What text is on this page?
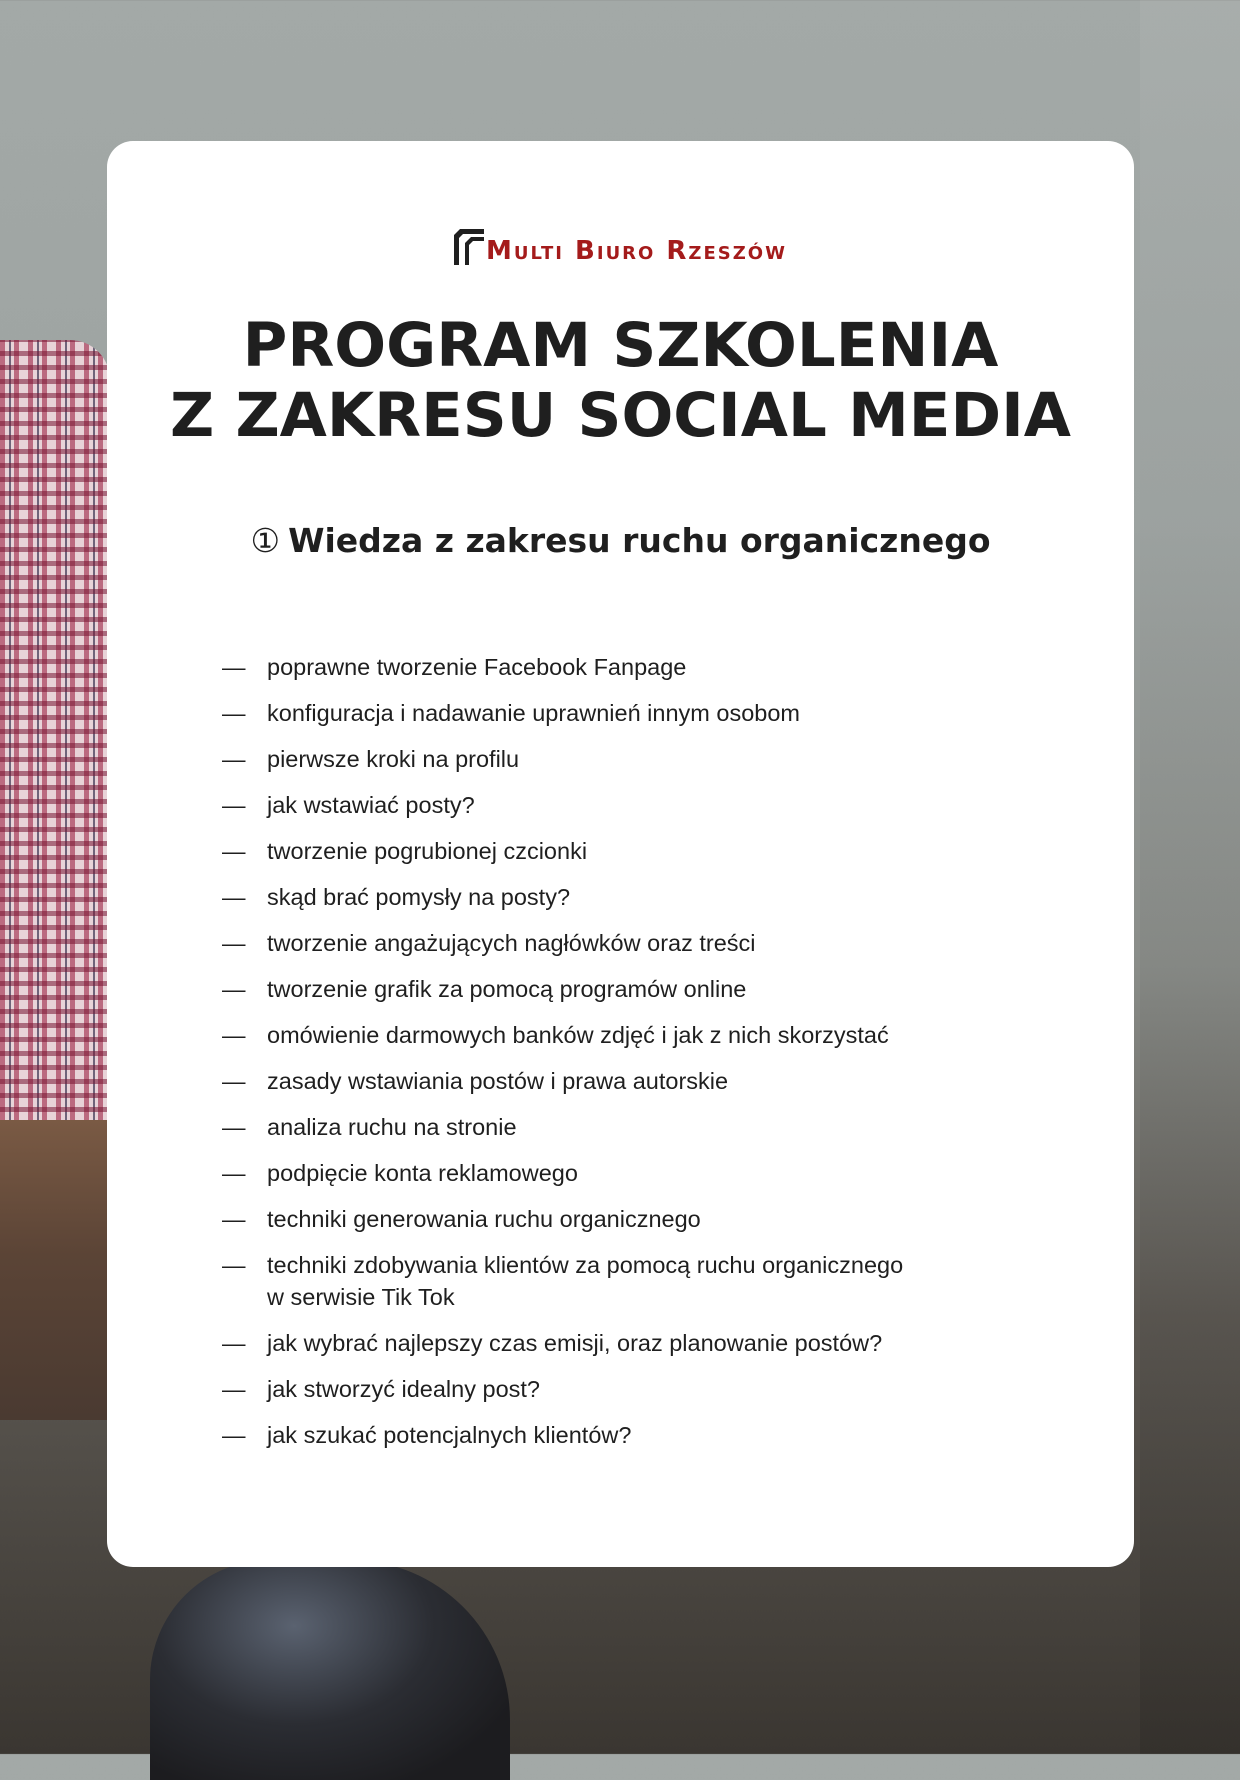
Multi Biuro Rzeszów
PROGRAM SZKOLENIA
Z ZAKRESU SOCIAL MEDIA
① Wiedza z zakresu ruchu organicznego
— poprawne tworzenie Facebook Fanpage
— konfiguracja i nadawanie uprawnień innym osobom
— pierwsze kroki na profilu
— jak wstawiać posty?
— tworzenie pogrubionej czcionki
— skąd brać pomysły na posty?
— tworzenie angażujących nagłówków oraz treści
— tworzenie grafik za pomocą programów online
— omówienie darmowych banków zdjęć i jak z nich skorzystać
— zasady wstawiania postów i prawa autorskie
— analiza ruchu na stronie
— podpięcie konta reklamowego
— techniki generowania ruchu organicznego
— techniki zdobywania klientów za pomocą ruchu organicznego
w serwisie Tik Tok
— jak wybrać najlepszy czas emisji, oraz planowanie postów?
— jak stworzyć idealny post?
— jak szukać potencjalnych klientów?
